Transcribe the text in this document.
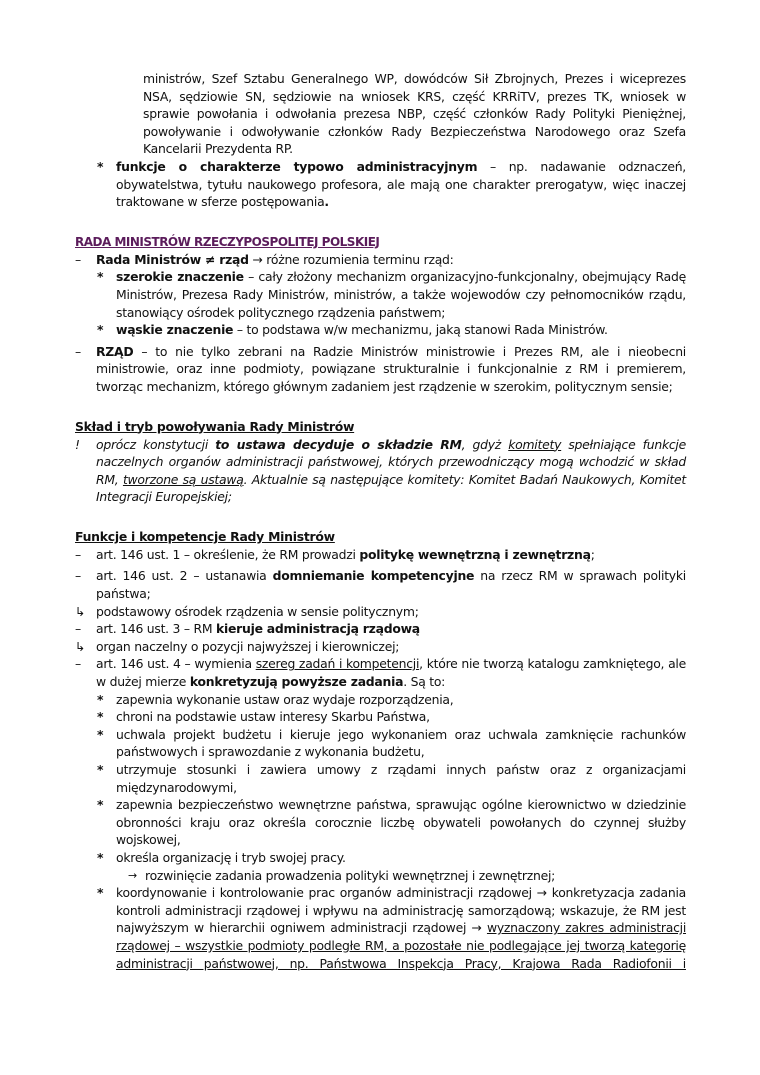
ministrów, Szef Sztabu Generalnego WP, dowódców Sił Zbrojnych, Prezes i wiceprezes NSA, sędziowie SN, sędziowie na wniosek KRS, część KRRiTV, prezes TK, wniosek w sprawie powołania i odwołania prezesa NBP, część członków Rady Polityki Pieniężnej, powoływanie i odwoływanie członków Rady Bezpieczeństwa Narodowego oraz Szefa Kancelarii Prezydenta RP.

* funkcje o charakterze typowo administracyjnym – np. nadawanie odznaczeń, obywatelstwa, tytułu naukowego profesora, ale mają one charakter prerogatyw, więc inaczej traktowane w sferze postępowania.

RADA MINISTRÓW RZECZYPOSPOLITEJ POLSKIEJ

– Rada Ministrów ≠ rząd → różne rozumienia terminu rząd:

* szerokie znaczenie – cały złożony mechanizm organizacyjno-funkcjonalny, obejmujący Radę Ministrów, Prezesa Rady Ministrów, ministrów, a także wojewodów czy pełnomocników rządu, stanowiący ośrodek politycznego rządzenia państwem;

* wąskie znaczenie – to podstawa w/w mechanizmu, jaką stanowi Rada Ministrów.

– RZĄD – to nie tylko zebrani na Radzie Ministrów ministrowie i Prezes RM, ale i nieobecni ministrowie, oraz inne podmioty, powiązane strukturalnie i funkcjonalnie z RM i premierem, tworząc mechanizm, którego głównym zadaniem jest rządzenie w szerokim, politycznym sensie;

Skład i tryb powoływania Rady Ministrów

! oprócz konstytucji to ustawa decyduje o składzie RM, gdyż komitety spełniające funkcje naczelnych organów administracji państwowej, których przewodniczący mogą wchodzić w skład RM, tworzone są ustawą. Aktualnie są następujące komitety: Komitet Badań Naukowych, Komitet Integracji Europejskiej;

Funkcje i kompetencje Rady Ministrów

– art. 146 ust. 1 – określenie, że RM prowadzi politykę wewnętrzną i zewnętrzną;

– art. 146 ust. 2 – ustanawia domniemanie kompetencyjne na rzecz RM w sprawach polityki państwa;

↳ podstawowy ośrodek rządzenia w sensie politycznym;

– art. 146 ust. 3 – RM kieruje administracją rządową

↳ organ naczelny o pozycji najwyższej i kierowniczej;

– art. 146 ust. 4 – wymienia szereg zadań i kompetencji, które nie tworzą katalogu zamkniętego, ale w dużej mierze konkretyzują powyższe zadania. Są to:

* zapewnia wykonanie ustaw oraz wydaje rozporządzenia,

* chroni na podstawie ustaw interesy Skarbu Państwa,

* uchwala projekt budżetu i kieruje jego wykonaniem oraz uchwala zamknięcie rachunków państwowych i sprawozdanie z wykonania budżetu,

* utrzymuje stosunki i zawiera umowy z rządami innych państw oraz z organizacjami międzynarodowymi,

* zapewnia bezpieczeństwo wewnętrzne państwa, sprawując ogólne kierownictwo w dziedzinie obronności kraju oraz określa corocznie liczbę obywateli powołanych do czynnej służby wojskowej,

* określa organizację i tryb swojej pracy.

→ rozwinięcie zadania prowadzenia polityki wewnętrznej i zewnętrznej;

* koordynowanie i kontrolowanie prac organów administracji rządowej → konkretyzacja zadania kontroli administracji rządowej i wpływu na administrację samorządową; wskazuje, że RM jest najwyższym w hierarchii ogniwem administracji rządowej → wyznaczony zakres administracji rządowej – wszystkie podmioty podległe RM, a pozostałe nie podlegające jej tworzą kategorię administracji państwowej, np. Państwowa Inspekcja Pracy, Krajowa Rada Radiofonii i
